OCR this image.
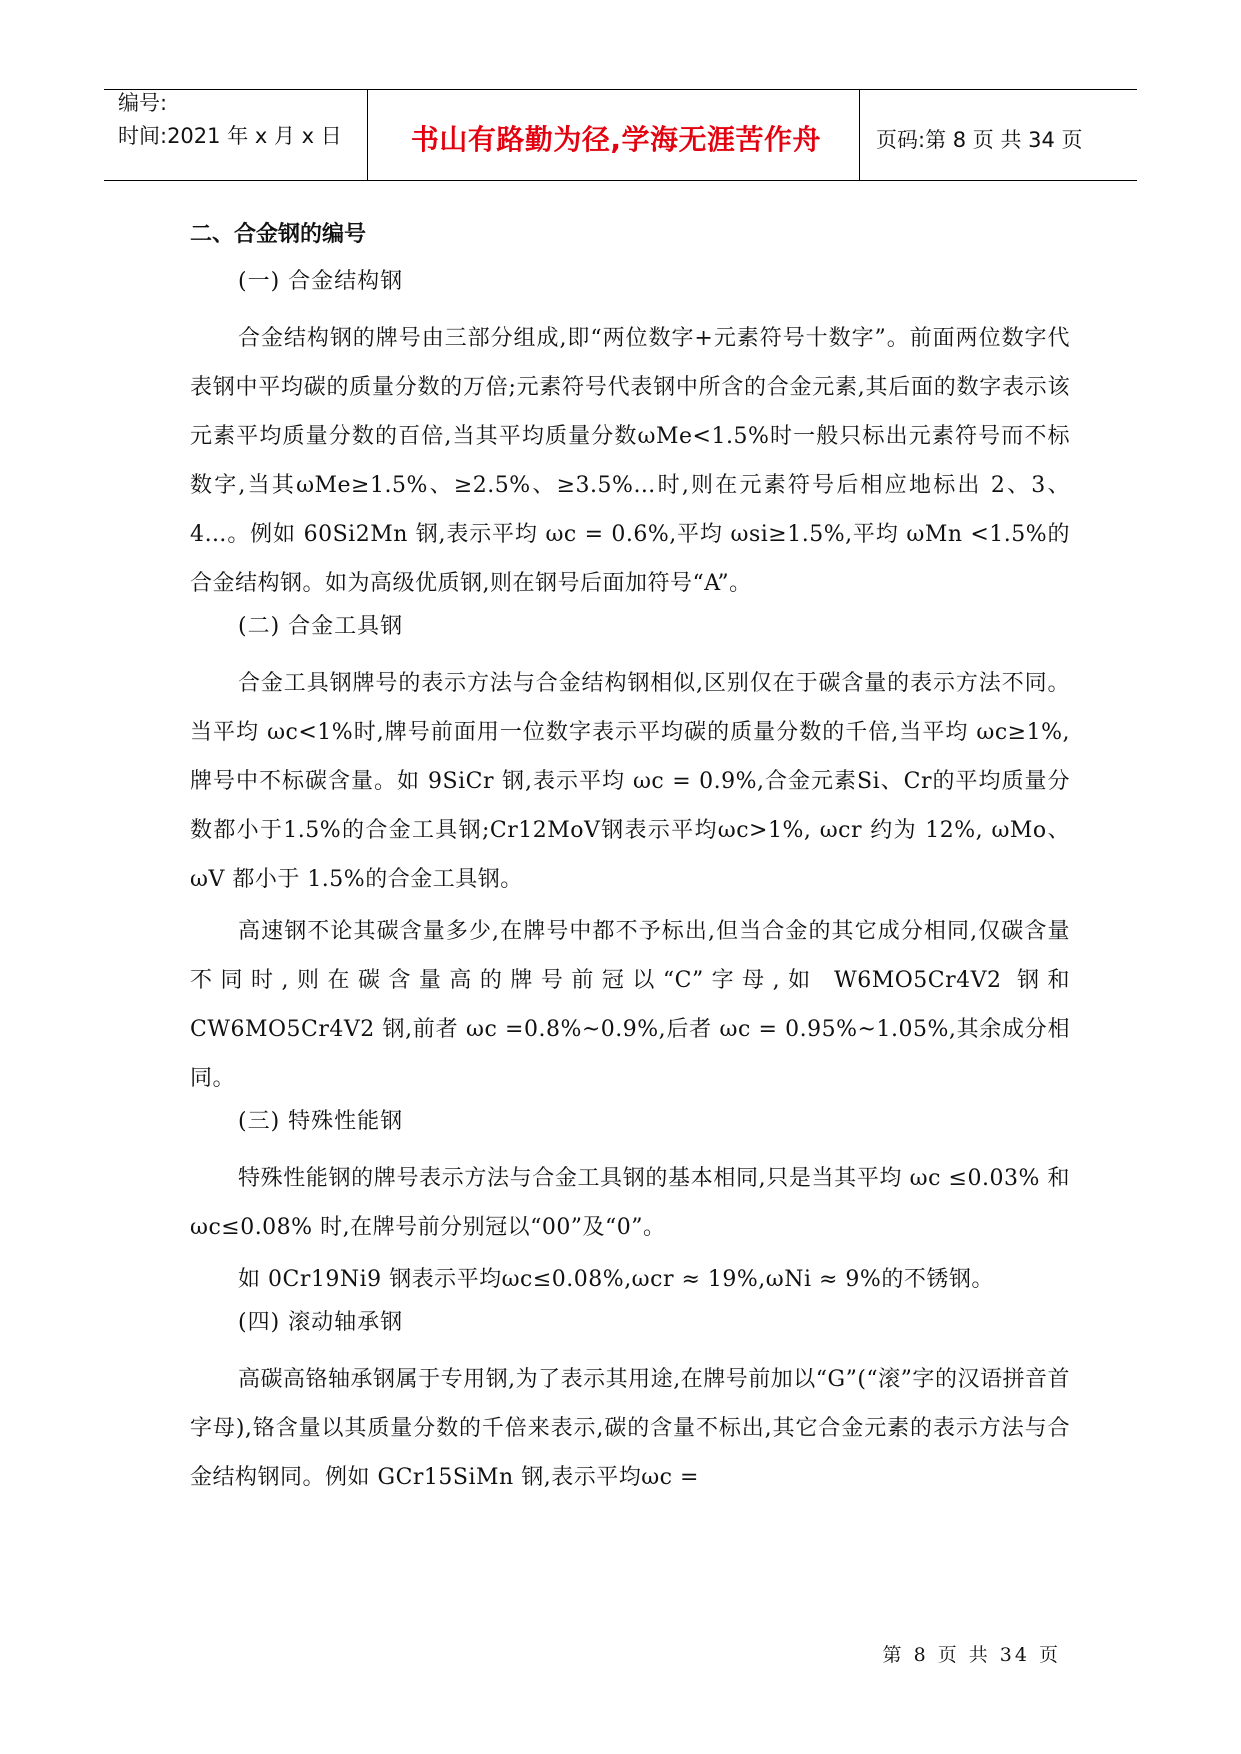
编号:
时间:2021 年 x 月 x 日	书山有路勤为径,学海无涯苦作舟	页码:第 8 页 共 34 页
二、合金钢的编号
(一) 合金结构钢

合金结构钢的牌号由三部分组成,即“两位数字+元素符号十数字”。前面两位数字代表钢中平均碳的质量分数的万倍;元素符号代表钢中所含的合金元素,其后面的数字表示该元素平均质量分数的百倍,当其平均质量分数ωMe<1.5%时一般只标出元素符号而不标数字,当其ωMe≥1.5%、≥2.5%、≥3.5%…时,则在元素符号后相应地标出 2、3、4…。例如 60Si2Mn 钢,表示平均 ωc = 0.6%,平均 ωsi≥1.5%,平均 ωMn <1.5%的合金结构钢。如为高级优质钢,则在钢号后面加符号“A”。

(二) 合金工具钢

合金工具钢牌号的表示方法与合金结构钢相似,区别仅在于碳含量的表示方法不同。当平均 ωc<1%时,牌号前面用一位数字表示平均碳的质量分数的千倍,当平均 ωc≥1%,牌号中不标碳含量。如 9SiCr 钢,表示平均 ωc = 0.9%,合金元素Si、Cr的平均质量分数都小于1.5%的合金工具钢;Cr12MoV钢表示平均ωc>1%, ωcr 约为 12%, ωMo、 ωV 都小于 1.5%的合金工具钢。

高速钢不论其碳含量多少,在牌号中都不予标出,但当合金的其它成分相同,仅碳含量不同时,则在碳含量高的牌号前冠以“C”字母,如 W6MO5Cr4V2 钢和 CW6MO5Cr4V2 钢,前者 ωc =0.8%~0.9%,后者 ωc = 0.95%~1.05%,其余成分相同。

(三) 特殊性能钢

特殊性能钢的牌号表示方法与合金工具钢的基本相同,只是当其平均 ωc ≤0.03% 和 ωc≤0.08% 时,在牌号前分别冠以“00”及“0”。

如 0Cr19Ni9 钢表示平均ωc≤0.08%,ωcr ≈ 19%,ωNi ≈ 9%的不锈钢。

(四) 滚动轴承钢

高碳高铬轴承钢属于专用钢,为了表示其用途,在牌号前加以“G”(“滚”字的汉语拼音首字母),铬含量以其质量分数的千倍来表示,碳的含量不标出,其它合金元素的表示方法与合金结构钢同。例如 GCr15SiMn 钢,表示平均ωc =

第 8 页 共 34 页
